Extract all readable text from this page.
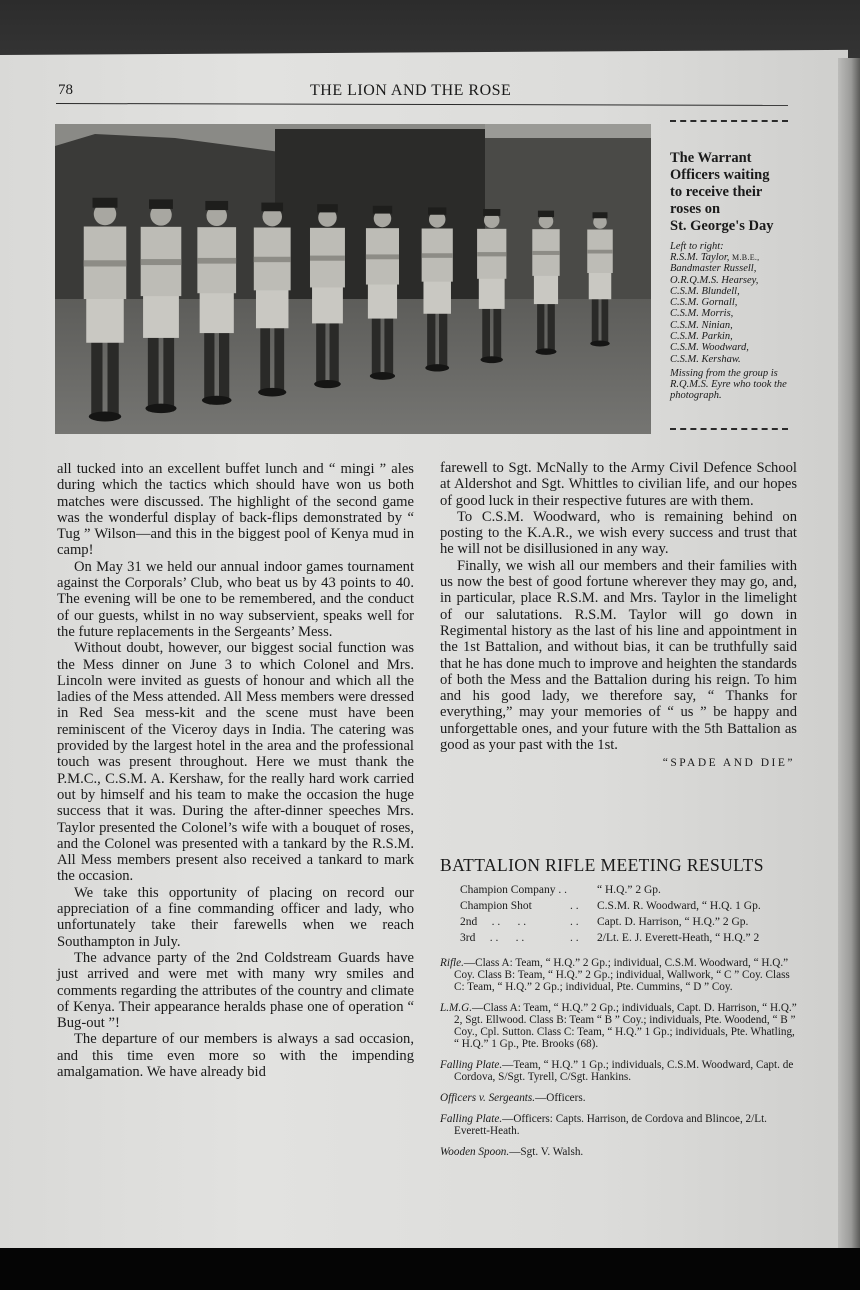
78	THE LION AND THE ROSE
The Warrant
Officers waiting
to receive their
roses on
St. George's Day
Left to right:
R.S.M. Taylor, M.B.E.,
Bandmaster Russell,
O.R.Q.M.S. Hearsey,
C.S.M. Blundell,
C.S.M. Gornall,
C.S.M. Morris,
C.S.M. Ninian,
C.S.M. Parkin,
C.S.M. Woodward,
C.S.M. Kershaw.
Missing from the group is R.Q.M.S. Eyre who took the photograph.

all tucked into an excellent buffet lunch and “ mingi ” ales during which the tactics which should have won us both matches were discussed. The highlight of the second game was the wonderful display of back-flips demonstrated by “ Tug ” Wilson—and this in the biggest pool of Kenya mud in camp!

On May 31 we held our annual indoor games tournament against the Corporals’ Club, who beat us by 43 points to 40. The evening will be one to be remembered, and the conduct of our guests, whilst in no way subservient, speaks well for the future replacements in the Sergeants’ Mess.

Without doubt, however, our biggest social function was the Mess dinner on June 3 to which Colonel and Mrs. Lincoln were invited as guests of honour and which all the ladies of the Mess attended. All Mess members were dressed in Red Sea mess-kit and the scene must have been reminiscent of the Viceroy days in India. The catering was provided by the largest hotel in the area and the professional touch was present throughout. Here we must thank the P.M.C., C.S.M. A. Kershaw, for the really hard work carried out by himself and his team to make the occasion the huge success that it was. During the after-dinner speeches Mrs. Taylor presented the Colonel’s wife with a bouquet of roses, and the Colonel was presented with a tankard by the R.S.M. All Mess members present also received a tankard to mark the occasion.

We take this opportunity of placing on record our appreciation of a fine commanding officer and lady, who unfortunately take their farewells when we reach Southampton in July.

The advance party of the 2nd Coldstream Guards have just arrived and were met with many wry smiles and comments regarding the attributes of the country and climate of Kenya. Their appearance heralds phase one of operation “ Bug-out ”!

The departure of our members is always a sad occasion, and this time even more so with the impending amalgamation. We have already bid

farewell to Sgt. McNally to the Army Civil Defence School at Aldershot and Sgt. Whittles to civilian life, and our hopes of good luck in their respective futures are with them.

To C.S.M. Woodward, who is remaining behind on posting to the K.A.R., we wish every success and trust that he will not be disillusioned in any way.

Finally, we wish all our members and their families with us now the best of good fortune wherever they may go, and, in particular, place R.S.M. and Mrs. Taylor in the limelight of our salutations. R.S.M. Taylor will go down in Regimental history as the last of his line and appointment in the 1st Battalion, and without bias, it can be truthfully said that he has done much to improve and heighten the standards of both the Mess and the Battalion during his reign. To him and his good lady, we therefore say, “ Thanks for everything,” may your memories of “ us ” be happy and unforgettable ones, and your future with the 5th Battalion as good as your past with the 1st.

“SPADE AND DIE”
BATTALION RIFLE MEETING RESULTS
Champion Company . .		“ H.Q.” 2 Gp.
Champion Shot	. .	C.S.M. R. Woodward, “ H.Q. 1 Gp.
2nd     . .      . .	. .	Capt. D. Harrison, “ H.Q.” 2 Gp.
3rd     . .      . .	. .	2/Lt. E. J. Everett-Heath, “ H.Q.” 2
Rifle.—Class A: Team, “ H.Q.” 2 Gp.; individual, C.S.M. Woodward, “ H.Q.” Coy. Class B: Team, “ H.Q.” 2 Gp.; individual, Wallwork, “ C ” Coy. Class C: Team, “ H.Q.” 2 Gp.; individual, Pte. Cummins, “ D ” Coy.
L.M.G.—Class A: Team, “ H.Q.” 2 Gp.; individuals, Capt. D. Harrison, “ H.Q.” 2, Sgt. Ellwood. Class B: Team “ B ” Coy.; individuals, Pte. Woodend, “ B ” Coy., Cpl. Sutton. Class C: Team, “ H.Q.” 1 Gp.; individuals, Pte. Whatling, “ H.Q.” 1 Gp., Pte. Brooks (68).
Falling Plate.—Team, “ H.Q.” 1 Gp.; individuals, C.S.M. Woodward, Capt. de Cordova, S/Sgt. Tyrell, C/Sgt. Hankins.
Officers v. Sergeants.—Officers.
Falling Plate.—Officers: Capts. Harrison, de Cordova and Blincoe, 2/Lt. Everett-Heath.
Wooden Spoon.—Sgt. V. Walsh.
